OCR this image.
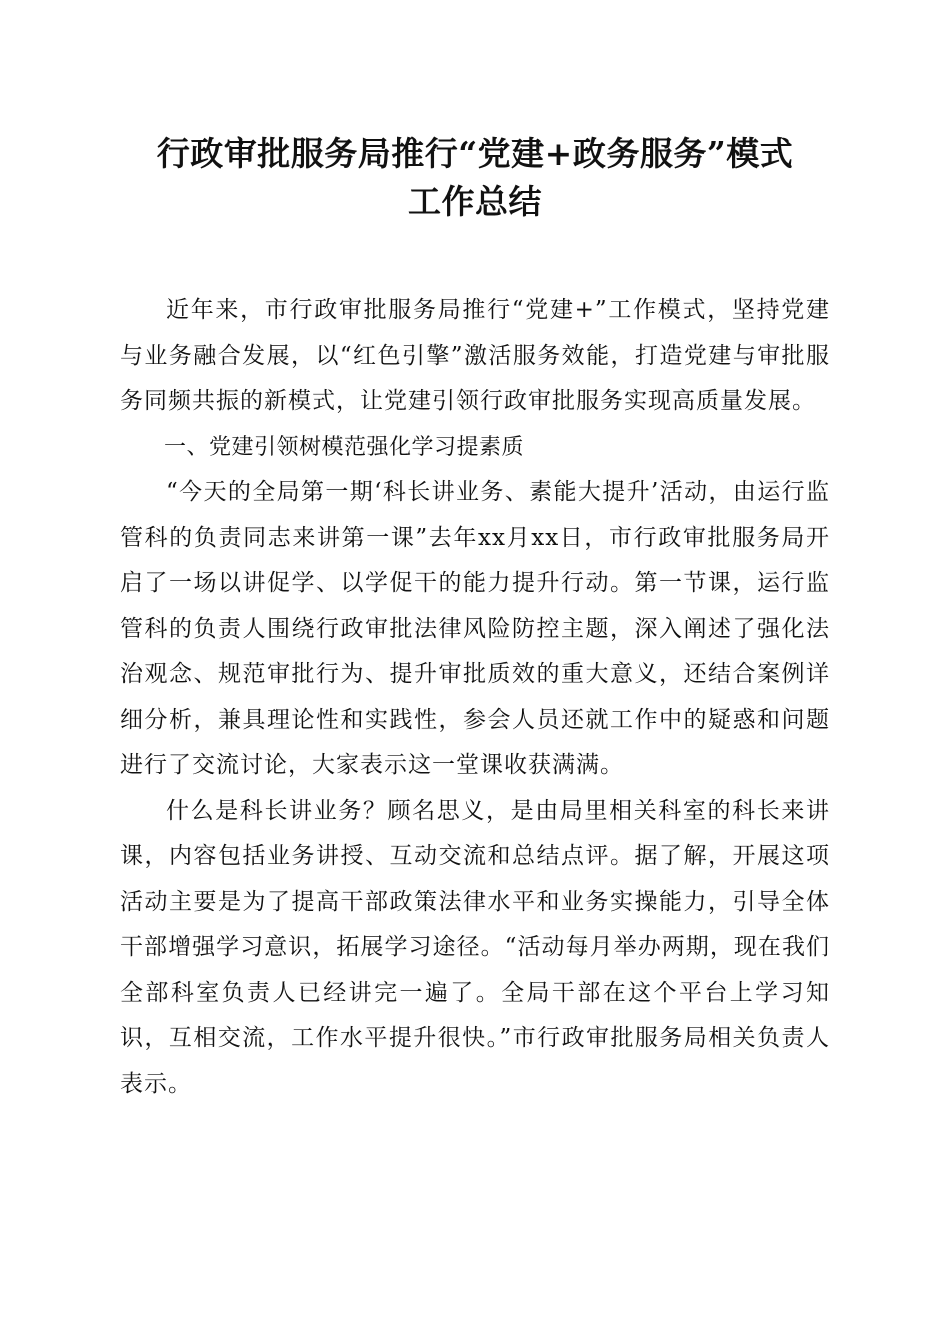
行政审批服务局推行“党建+政务服务”模式
工作总结

近年来，市行政审批服务局推行“党建+”工作模式，坚持党建与业务融合发展，以“红色引擎”激活服务效能，打造党建与审批服务同频共振的新模式，让党建引领行政审批服务实现高质量发展。

一、党建引领树模范强化学习提素质

“今天的全局第一期‘科长讲业务、素能大提升’活动，由运行监管科的负责同志来讲第一课”去年xx月xx日，市行政审批服务局开启了一场以讲促学、以学促干的能力提升行动。第一节课，运行监管科的负责人围绕行政审批法律风险防控主题，深入阐述了强化法治观念、规范审批行为、提升审批质效的重大意义，还结合案例详细分析，兼具理论性和实践性，参会人员还就工作中的疑惑和问题进行了交流讨论，大家表示这一堂课收获满满。

什么是科长讲业务？顾名思义，是由局里相关科室的科长来讲课，内容包括业务讲授、互动交流和总结点评。据了解，开展这项活动主要是为了提高干部政策法律水平和业务实操能力，引导全体干部增强学习意识，拓展学习途径。“活动每月举办两期，现在我们全部科室负责人已经讲完一遍了。全局干部在这个平台上学习知识，互相交流，工作水平提升很快。”市行政审批服务局相关负责人表示。
